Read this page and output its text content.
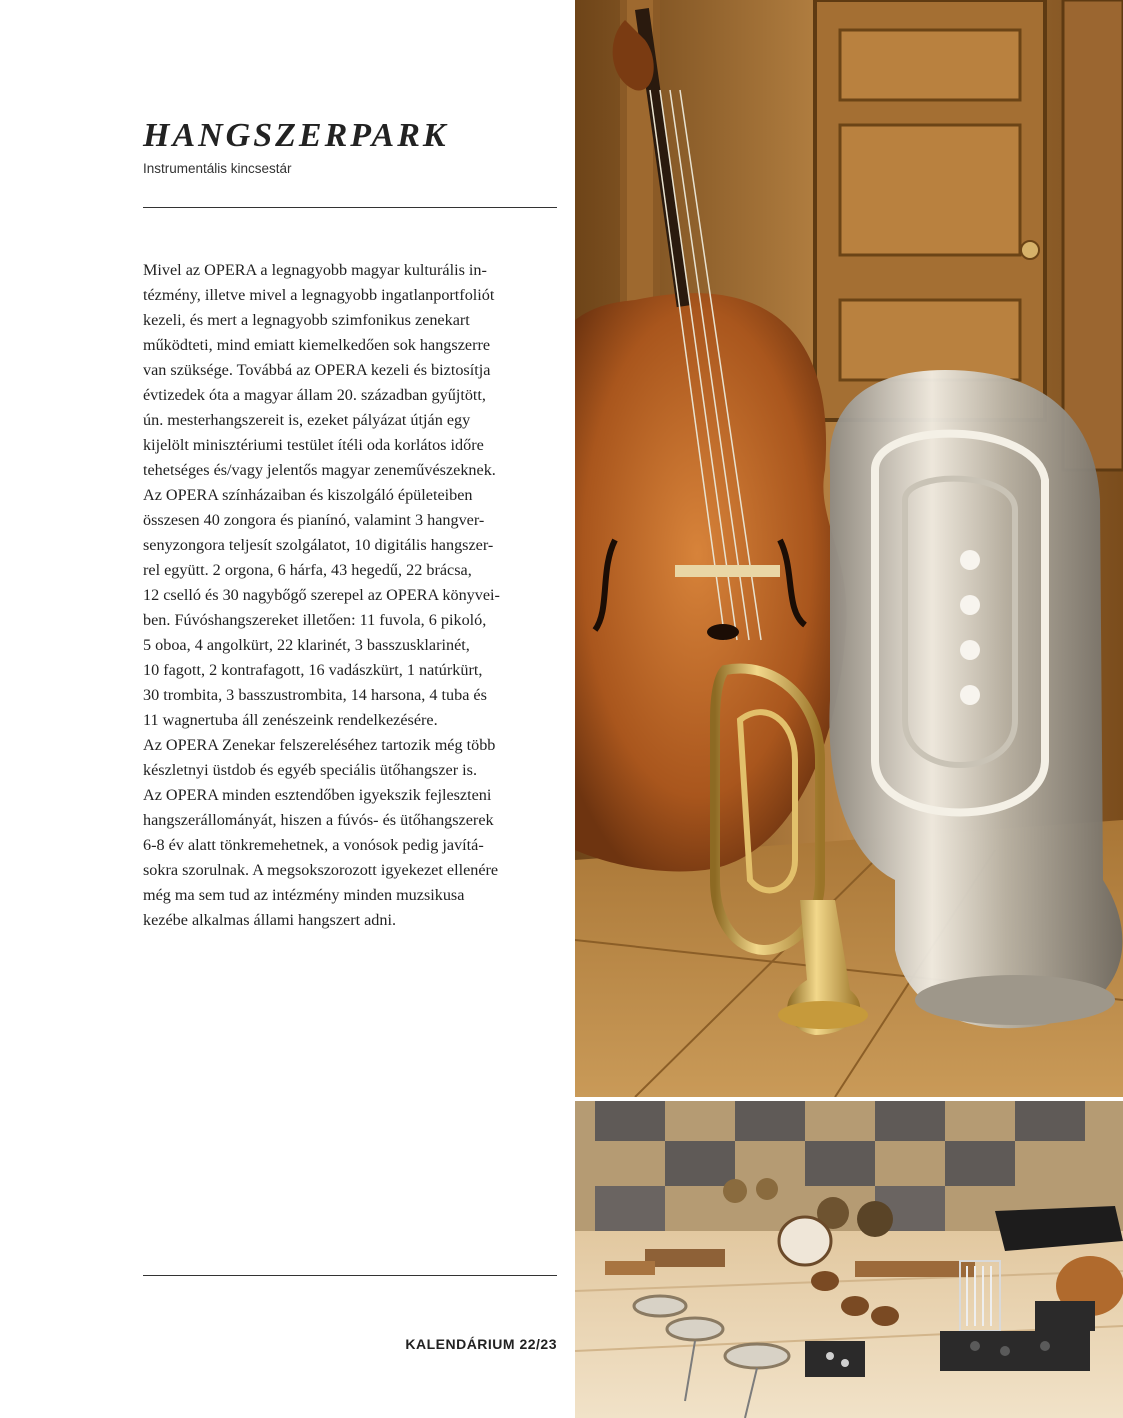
HANGSZERPARK
Instrumentális kincsestár
Mivel az OPERA a legnagyobb magyar kulturális in-
tézmény, illetve mivel a legnagyobb ingatlanportfoliót
kezeli, és mert a legnagyobb szimfonikus zenekart
működteti, mind emiatt kiemelkedően sok hangszerre
van szüksége. Továbbá az OPERA kezeli és biztosítja
évtizedek óta a magyar állam 20. században gyűjtött,
ún. mesterhangszereit is, ezeket pályázat útján egy
kijelölt minisztériumi testület ítéli oda korlátos időre
tehetséges és/vagy jelentős magyar zeneművészeknek.
Az OPERA színházaiban és kiszolgáló épületeiben
összesen 40 zongora és pianínó, valamint 3 hangver-
senyzongora teljesít szolgálatot, 10 digitális hangszer-
rel együtt. 2 orgona, 6 hárfa, 43 hegedű, 22 brácsa,
12 cselló és 30 nagybőgő szerepel az OPERA könyvei-
ben. Fúvóshangszereket illetően: 11 fuvola, 6 pikoló,
5 oboa, 4 angolkürt, 22 klarinét, 3 basszusklarinét,
10 fagott, 2 kontrafagott, 16 vadászkürt, 1 natúrkürt,
30 trombita, 3 basszustrombita, 14 harsona, 4 tuba és
11 wagnertuba áll zenészeink rendelkezésére.
Az OPERA Zenekar felszereléséhez tartozik még több
készletnyi üstdob és egyéb speciális ütőhangszer is.
Az OPERA minden esztendőben igyekszik fejleszteni
hangszerállományát, hiszen a fúvós- és ütőhangszerek
6-8 év alatt tönkremehetnek, a vonósok pedig javítá-
sokra szorulnak. A megsokszorozott igyekezet ellenére
még ma sem tud az intézmény minden muzsikusa
kezébe alkalmas állami hangszert adni.
KALENDÁRIUM 22/23
